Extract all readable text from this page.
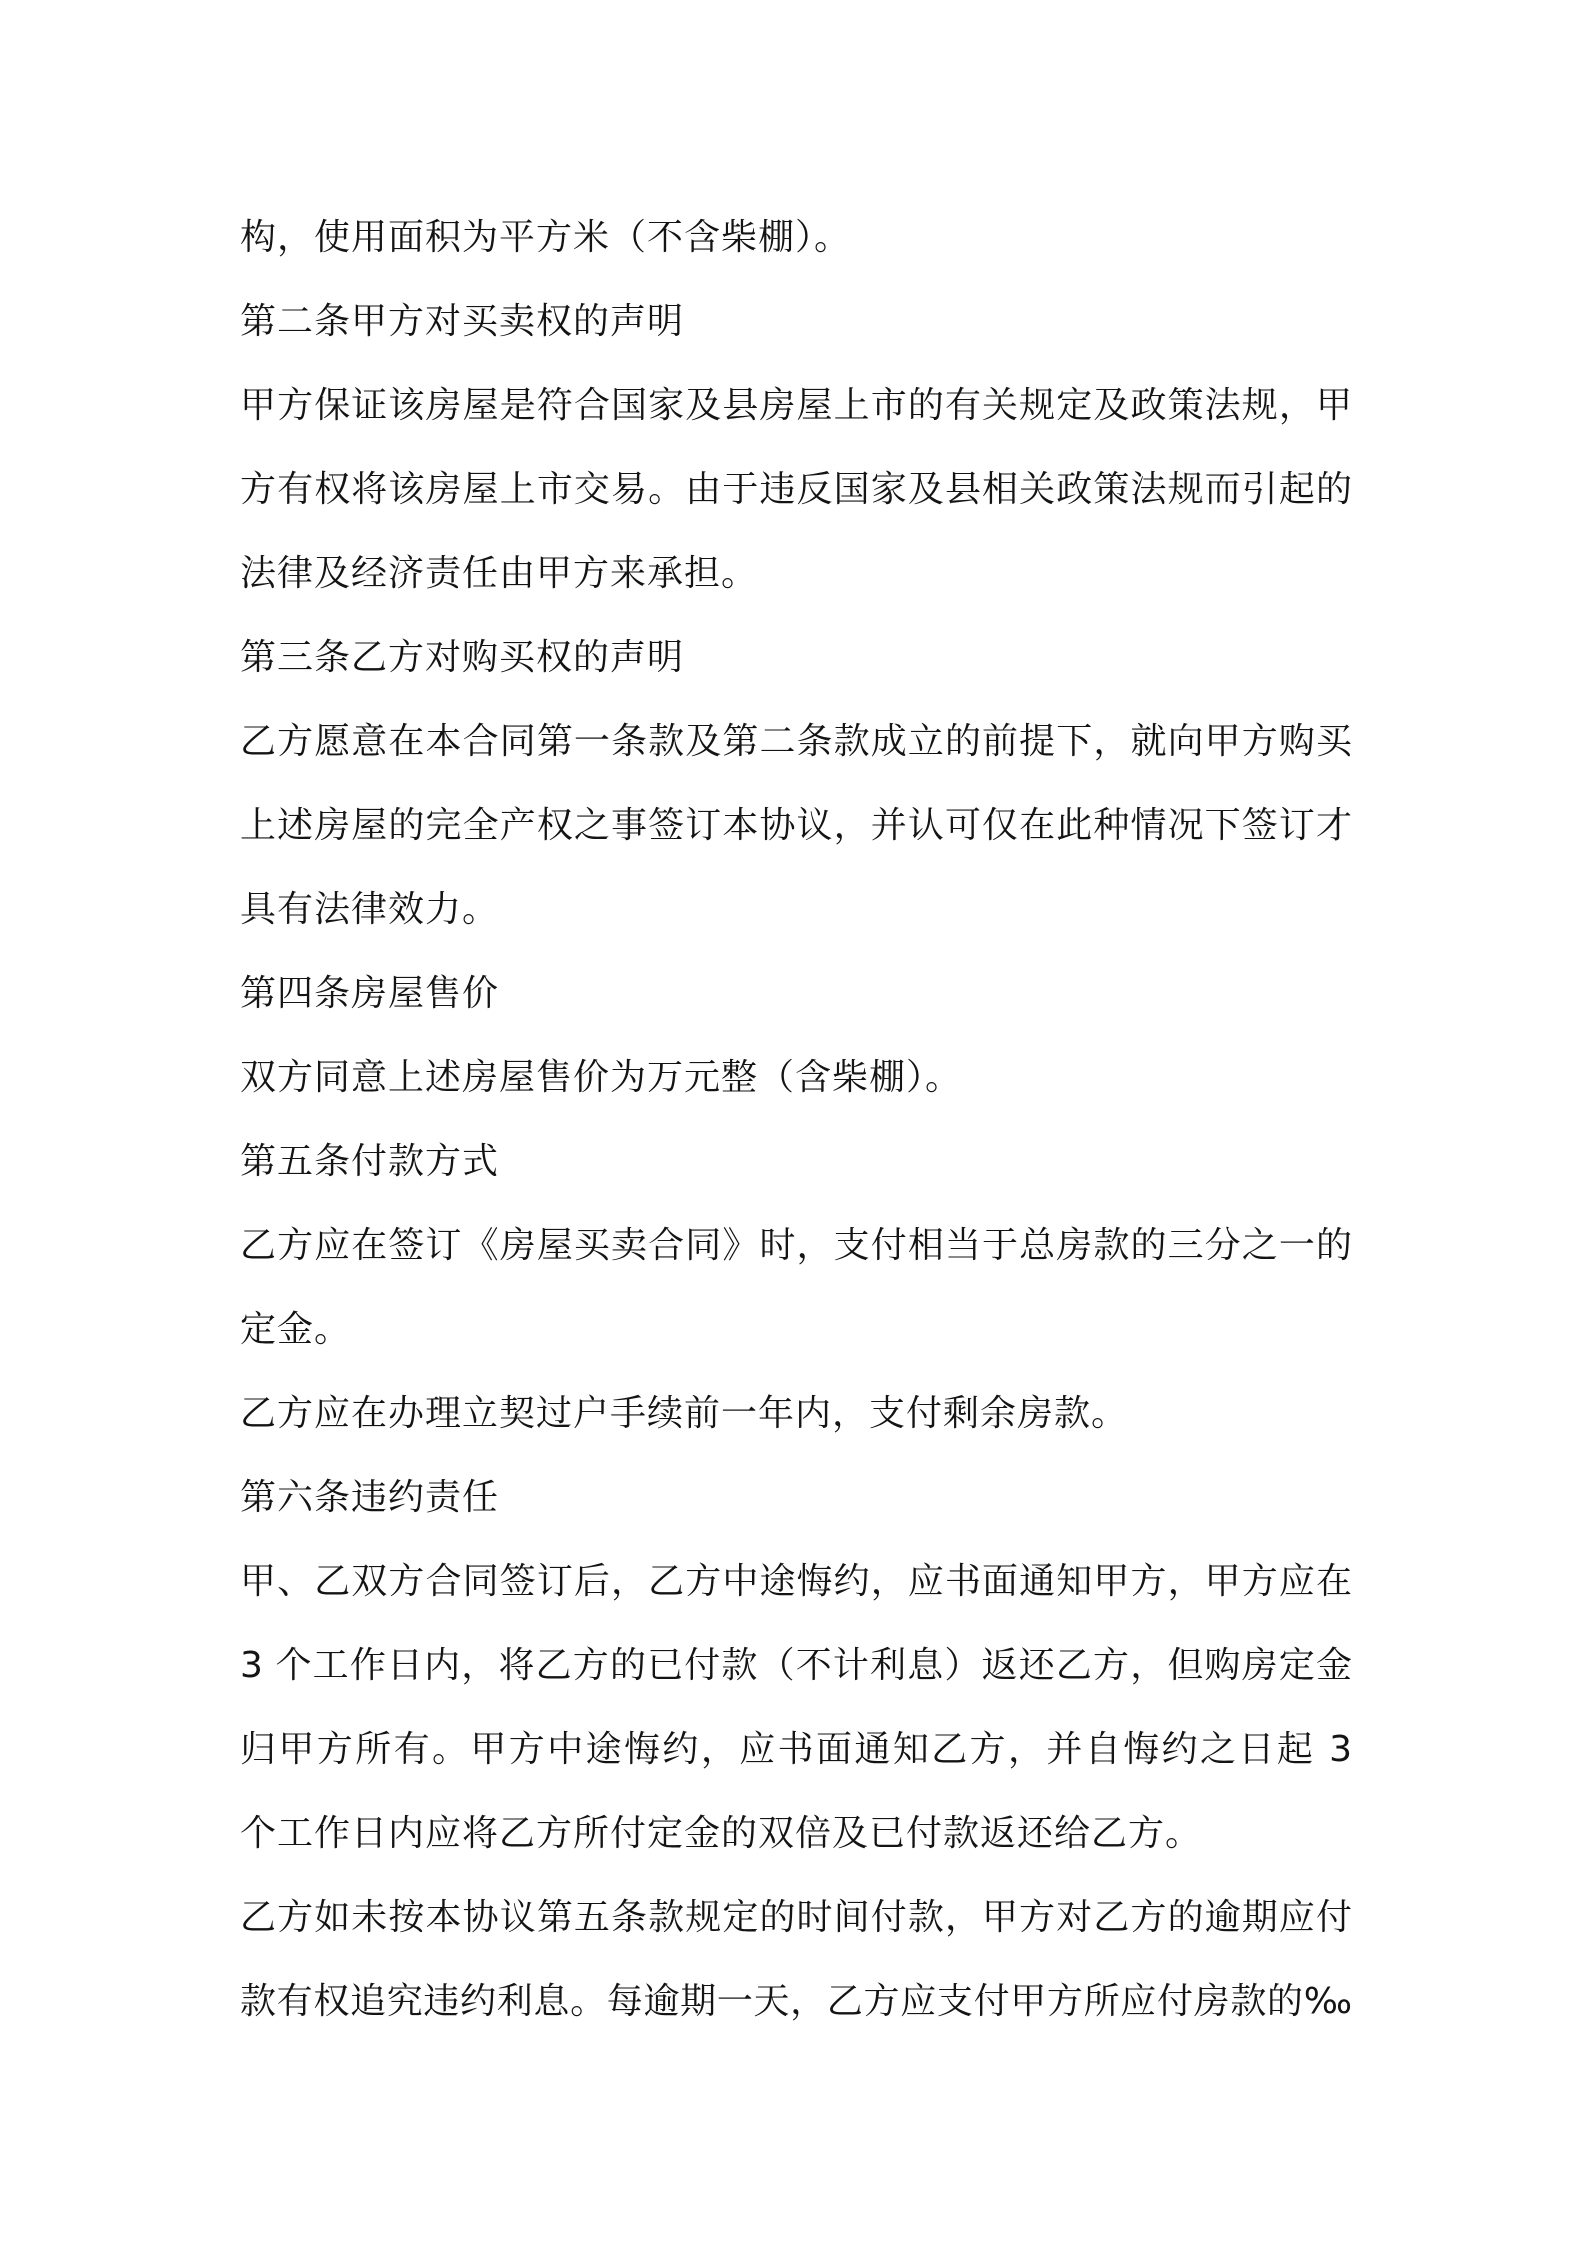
构，使用面积为平方米（不含柴棚）。
第二条甲方对买卖权的声明
甲方保证该房屋是符合国家及县房屋上市的有关规定及政策法规，甲
方有权将该房屋上市交易。由于违反国家及县相关政策法规而引起的
法律及经济责任由甲方来承担。
第三条乙方对购买权的声明
乙方愿意在本合同第一条款及第二条款成立的前提下，就向甲方购买
上述房屋的完全产权之事签订本协议，并认可仅在此种情况下签订才
具有法律效力。
第四条房屋售价
双方同意上述房屋售价为万元整（含柴棚）。
第五条付款方式
乙方应在签订《房屋买卖合同》时，支付相当于总房款的三分之一的
定金。
乙方应在办理立契过户手续前一年内，支付剩余房款。
第六条违约责任
甲、乙双方合同签订后，乙方中途悔约，应书面通知甲方，甲方应在
3 个工作日内，将乙方的已付款（不计利息）返还乙方，但购房定金
归甲方所有。甲方中途悔约，应书面通知乙方，并自悔约之日起 3
个工作日内应将乙方所付定金的双倍及已付款返还给乙方。
乙方如未按本协议第五条款规定的时间付款，甲方对乙方的逾期应付
款有权追究违约利息。每逾期一天，乙方应支付甲方所应付房款的‰
